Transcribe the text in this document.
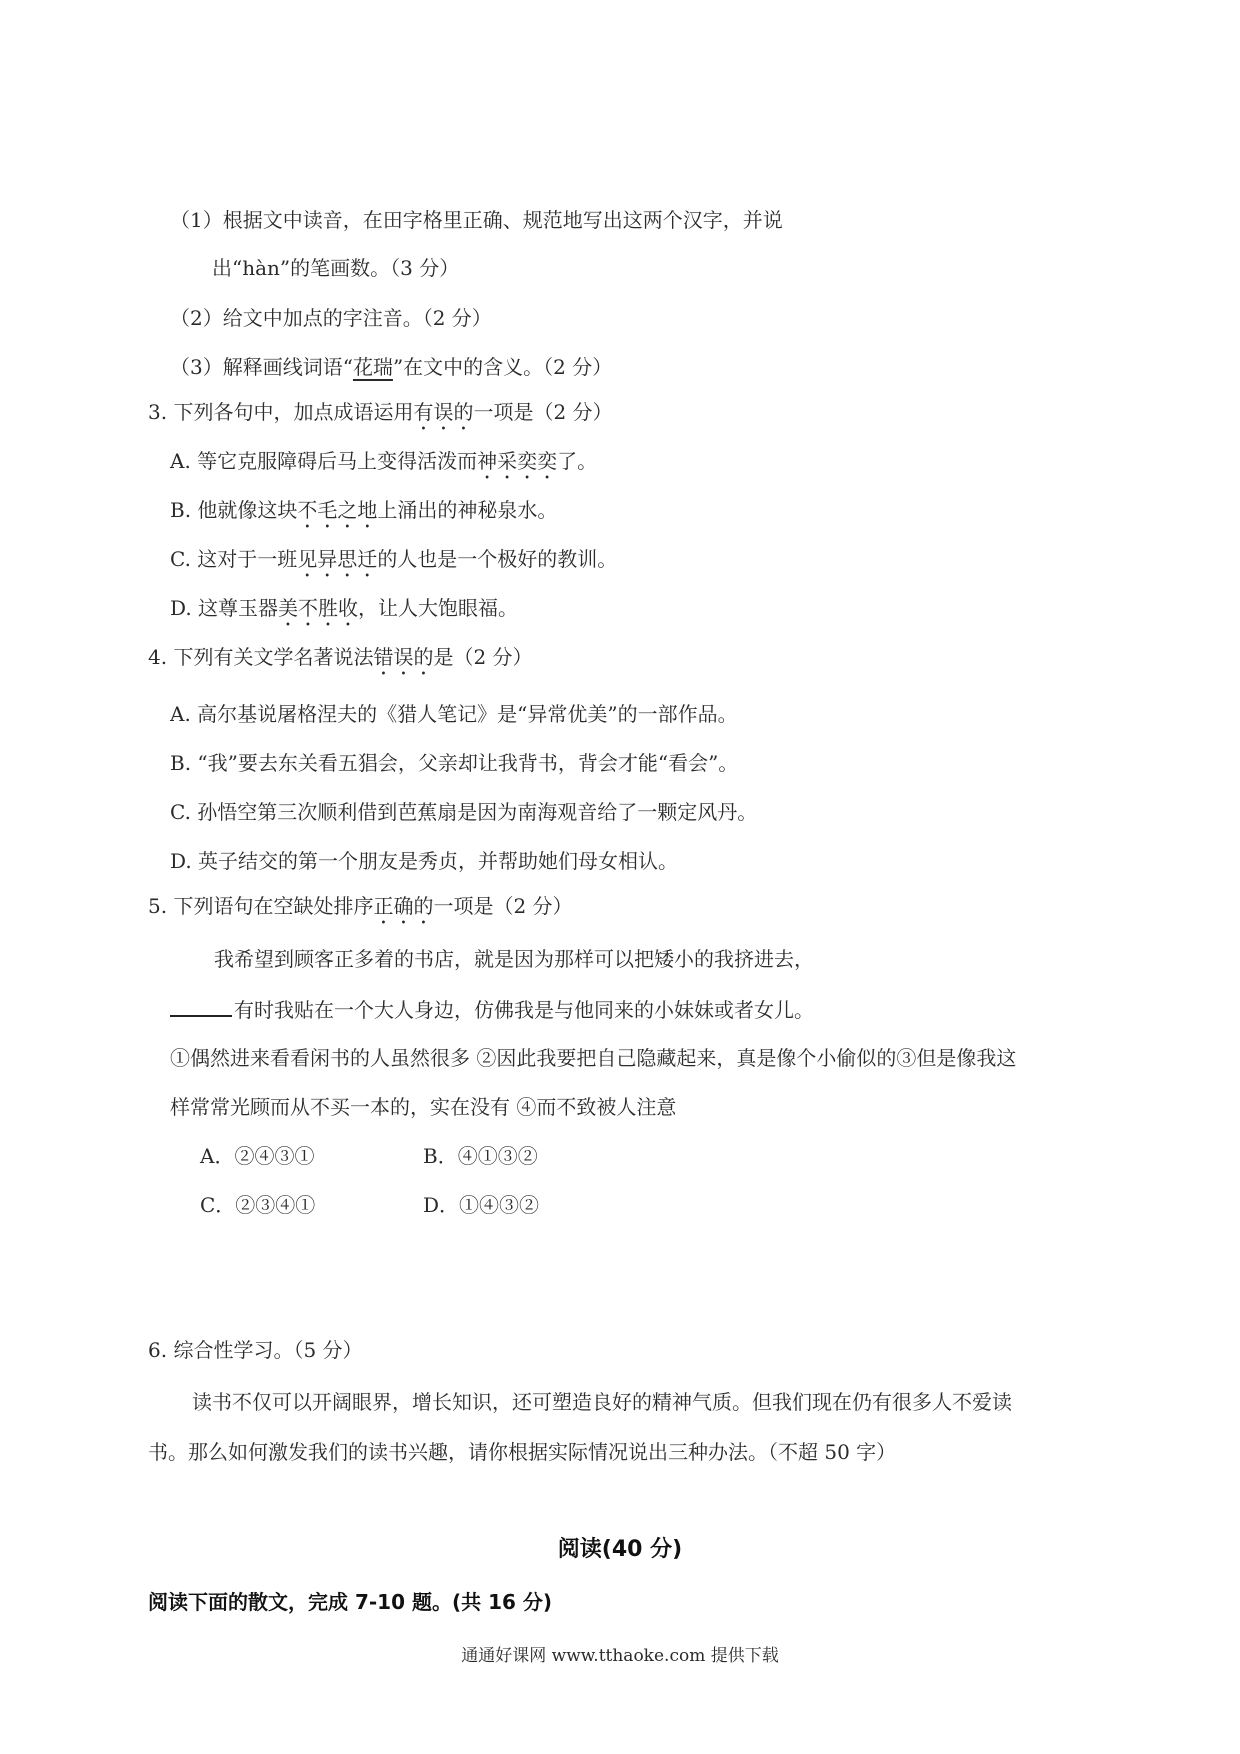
（1）根据文中读音，在田字格里正确、规范地写出这两个汉字，并说
出“hàn”的笔画数。（3 分）
（2）给文中加点的字注音。（2 分）
（3）解释画线词语“花瑞”在文中的含义。（2 分）
3. 下列各句中，加点成语运用有误的一项是（2 分）
A. 等它克服障碍后马上变得活泼而神采奕奕了。
B. 他就像这块不毛之地上涌出的神秘泉水。
C. 这对于一班见异思迁的人也是一个极好的教训。
D. 这尊玉器美不胜收，让人大饱眼福。
4. 下列有关文学名著说法错误的是（2 分）
A. 高尔基说屠格涅夫的《猎人笔记》是“异常优美”的一部作品。
B. “我”要去东关看五猖会，父亲却让我背书，背会才能“看会”。
C. 孙悟空第三次顺利借到芭蕉扇是因为南海观音给了一颗定风丹。
D. 英子结交的第一个朋友是秀贞，并帮助她们母女相认。
5. 下列语句在空缺处排序正确的一项是（2 分）
我希望到顾客正多着的书店，就是因为那样可以把矮小的我挤进去，
有时我贴在一个大人身边，仿佛我是与他同来的小妹妹或者女儿。
①偶然进来看看闲书的人虽然很多 ②因此我要把自己隐藏起来，真是像个小偷似的③但是像我这
样常常光顾而从不买一本的，实在没有 ④而不致被人注意
A．②④③①	B．④①③②
C．②③④①	D．①④③②
6. 综合性学习。（5 分）
读书不仅可以开阔眼界，增长知识，还可塑造良好的精神气质。但我们现在仍有很多人不爱读
书。那么如何激发我们的读书兴趣，请你根据实际情况说出三种办法。（不超 50 字）
阅读(40 分)
阅读下面的散文，完成 7-10 题。(共 16 分)
通通好课网 www.tthaoke.com 提供下载
